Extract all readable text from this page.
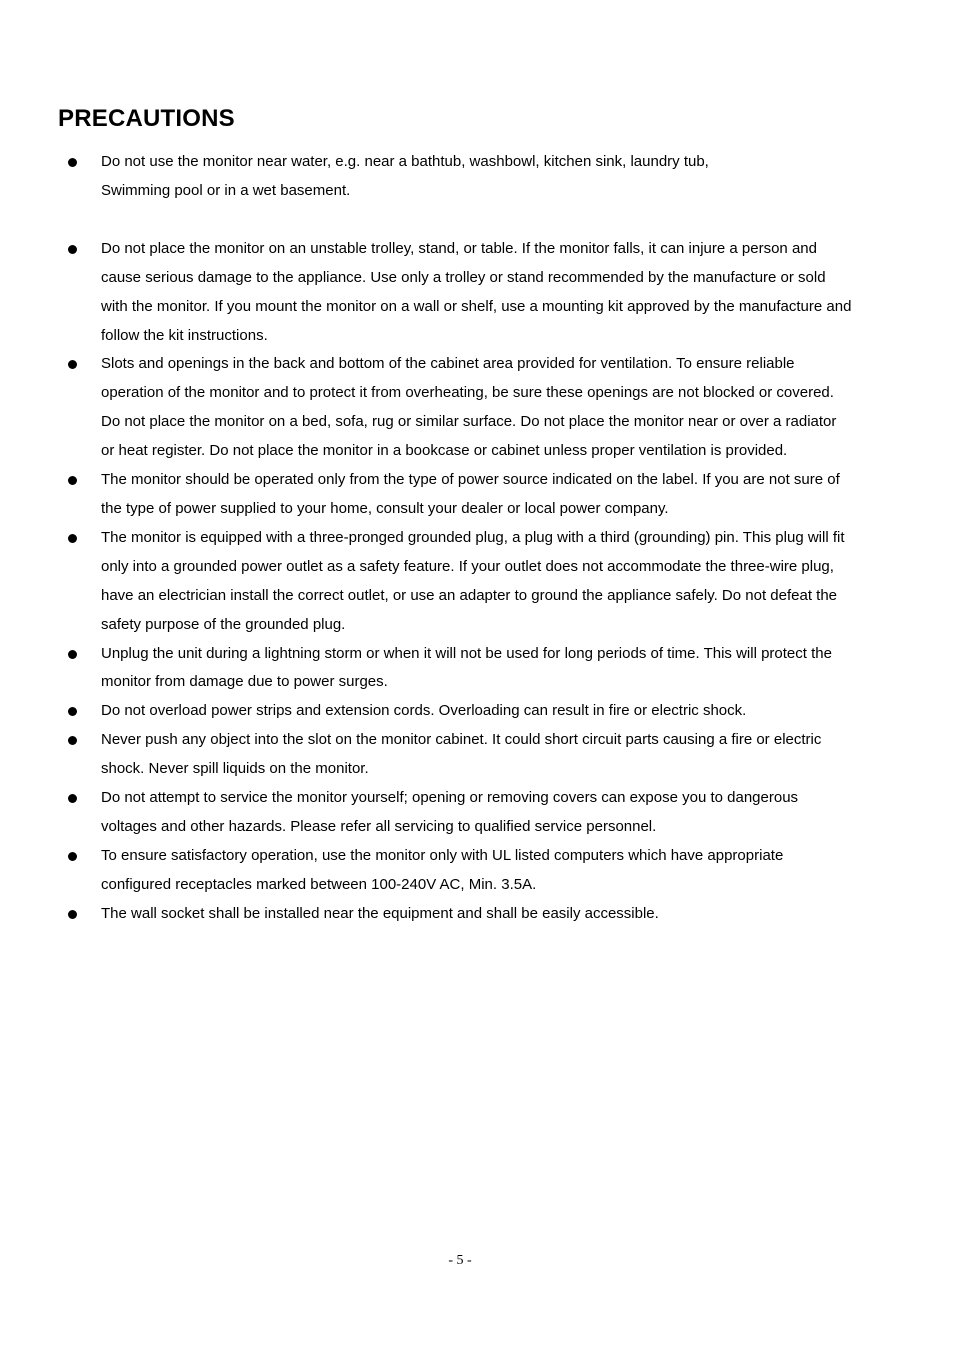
PRECAUTIONS
Do not use the monitor near water, e.g. near a bathtub, washbowl, kitchen sink, laundry tub,
Swimming pool or in a wet basement.
Do not place the monitor on an unstable trolley, stand, or table. If the monitor falls, it can injure a person and
cause serious damage to the appliance. Use only a trolley or stand recommended by the manufacture or sold
with the monitor. If you mount the monitor on a wall or shelf, use a mounting kit approved by the manufacture and
follow the kit instructions.
Slots and openings in the back and bottom of the cabinet area provided for ventilation. To ensure reliable
operation of the monitor and to protect it from overheating, be sure these openings are not blocked or covered.
Do not place the monitor on a bed, sofa, rug or similar surface. Do not place the monitor near or over a radiator
or heat register. Do not place the monitor in a bookcase or cabinet unless proper ventilation is provided.
The monitor should be operated only from the type of power source indicated on the label. If you are not sure of
the type of power supplied to your home, consult your dealer or local power company.
The monitor is equipped with a three-pronged grounded plug, a plug with a third (grounding) pin. This plug will fit
only into a grounded power outlet as a safety feature. If your outlet does not accommodate the three-wire plug,
have an electrician install the correct outlet, or use an adapter to ground the appliance safely. Do not defeat the
safety purpose of the grounded plug.
Unplug the unit during a lightning storm or when it will not be used for long periods of time. This will protect the
monitor from damage due to power surges.
Do not overload power strips and extension cords. Overloading can result in fire or electric shock.
Never push any object into the slot on the monitor cabinet. It could short circuit parts causing a fire or electric
shock. Never spill liquids on the monitor.
Do not attempt to service the monitor yourself; opening or removing covers can expose you to dangerous
voltages and other hazards. Please refer all servicing to qualified service personnel.
To ensure satisfactory operation, use the monitor only with UL listed computers which have appropriate
configured receptacles marked between 100-240V AC, Min. 3.5A.
The wall socket shall be installed near the equipment and shall be easily accessible.
- 5 -
